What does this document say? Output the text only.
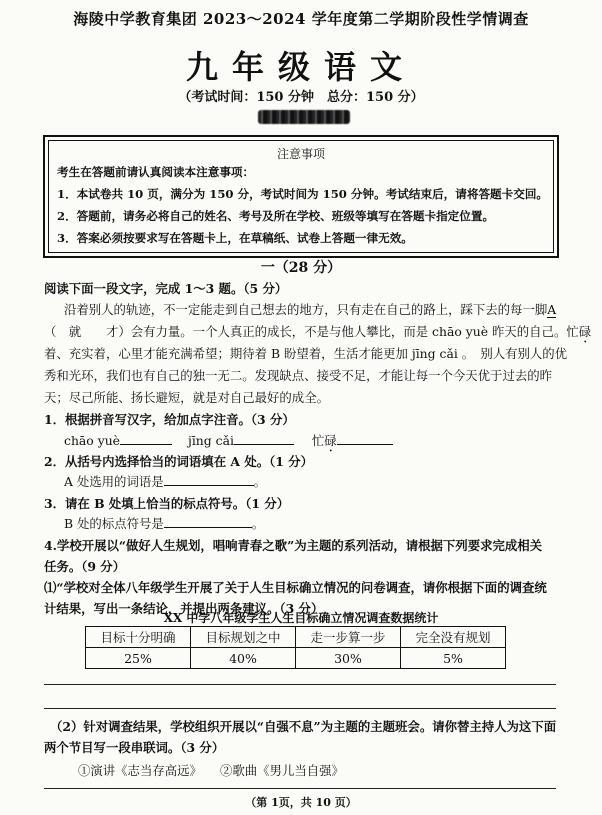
海陵中学教育集团 2023～2024 学年度第二学期阶段性学情调查
九年级语文
（考试时间：150 分钟　总分：150 分）
注意事项
考生在答题前请认真阅读本注意事项：
1．本试卷共 10 页，满分为 150 分，考试时间为 150 分钟。考试结束后，请将答题卡交回。
2．答题前，请务必将自己的姓名、考号及所在学校、班级等填写在答题卡指定位置。
3．答案必须按要求写在答题卡上，在草稿纸、试卷上答题一律无效。
一（28 分）
阅读下面一段文字，完成 1～3 题。（5 分）
沿着别人的轨迹，不一定能走到自己想去的地方，只有走在自己的路上，踩下去的每一脚A
（　就　　才）会有力量。一个人真正的成长，不是与他人攀比，而是 chāo yuè 昨天的自己。忙碌
着、充实着，心里才能充满希望；期待着 B 盼望着，生活才能更加 jīng cǎi 。　别人有别人的优
秀和光环，我们也有自己的独一无二。发现缺点、接受不足，才能让每一个今天优于过去的昨
天；尽己所能、扬长避短，就是对自己最好的成全。
1．根据拼音写汉字，给加点字注音。（3 分）
chāo yuè	jīng cǎi	忙碌
2．从括号内选择恰当的词语填在 A 处。（1 分）
A 处选用的词语是	。
3．请在 B 处填上恰当的标点符号。（1 分）
B 处的标点符号是	。
4.学校开展以“做好人生规划，唱响青春之歌”为主题的系列活动，请根据下列要求完成相关
任务。（9 分）
⑴“学校对全体八年级学生开展了关于人生目标确立情况的问卷调查，请你根据下面的调查统
计结果，写出一条结论，并提出两条建议。（3 分）
XX 中学八年级学生人生目标确立情况调查数据统计
目标十分明确	目标规划之中	走一步算一步	完全没有规划
25%	40%	30%	5%
（2）针对调查结果，学校组织开展以“自强不息”为主题的主题班会。请你替主持人为这下面
两个节目写一段串联词。（3 分）
①演讲《志当存高远》 ②歌曲《男儿当自强》
（第 1页，共 10 页）
